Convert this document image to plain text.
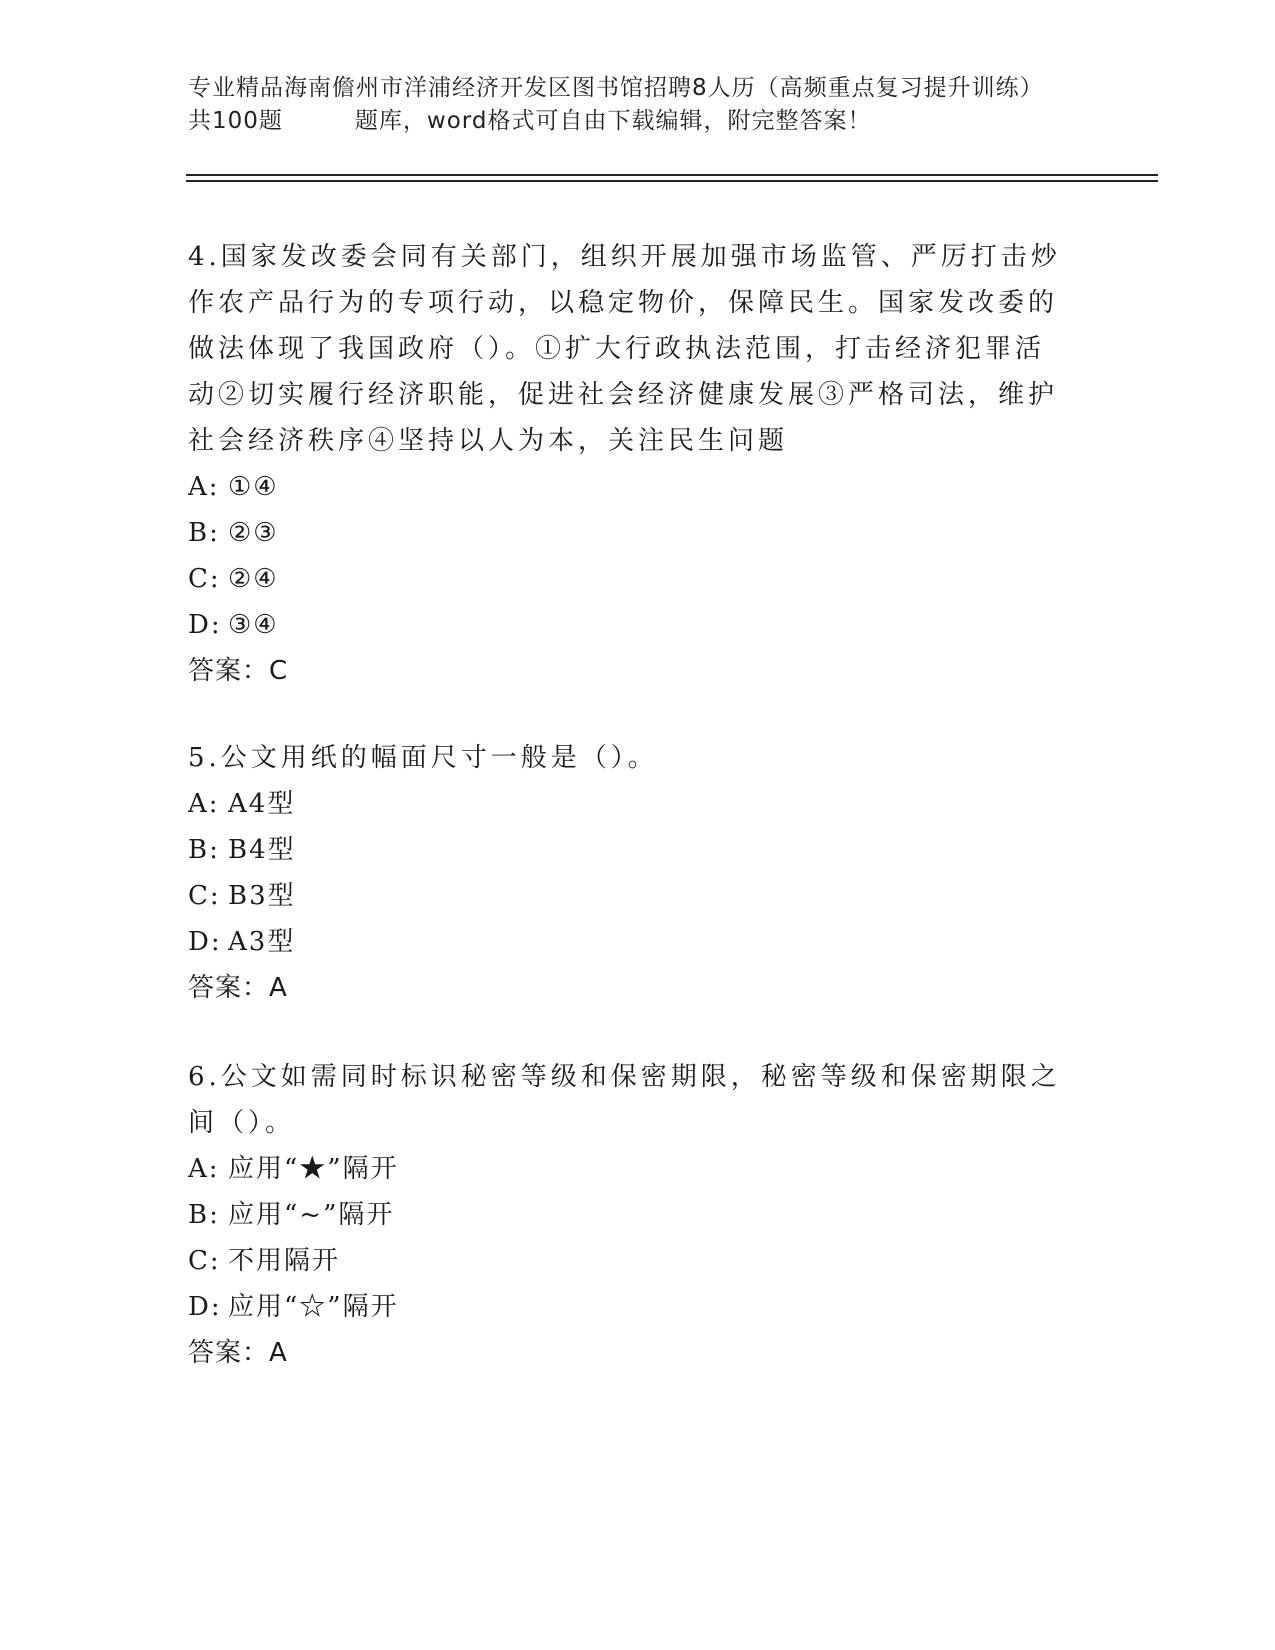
专业精品海南儋州市洋浦经济开发区图书馆招聘8人历（高频重点复习提升训练）
共100题	题库，word格式可自由下载编辑，附完整答案！

4.国家发改委会同有关部门，组织开展加强市场监管、严厉打击炒作农产品行为的专项行动，以稳定物价，保障民生。国家发改委的做法体现了我国政府（）。①扩大行政执法范围，打击经济犯罪活动②切实履行经济职能，促进社会经济健康发展③严格司法，维护社会经济秩序④坚持以人为本，关注民生问题

A: ①④

B: ②③

C: ②④

D: ③④

答案：C

5.公文用纸的幅面尺寸一般是（）。

A: A4型

B: B4型

C: B3型

D: A3型

答案：A

6.公文如需同时标识秘密等级和保密期限，秘密等级和保密期限之间（）。

A: 应用“★”隔开

B: 应用“~”隔开

C: 不用隔开

D: 应用“☆”隔开

答案：A
